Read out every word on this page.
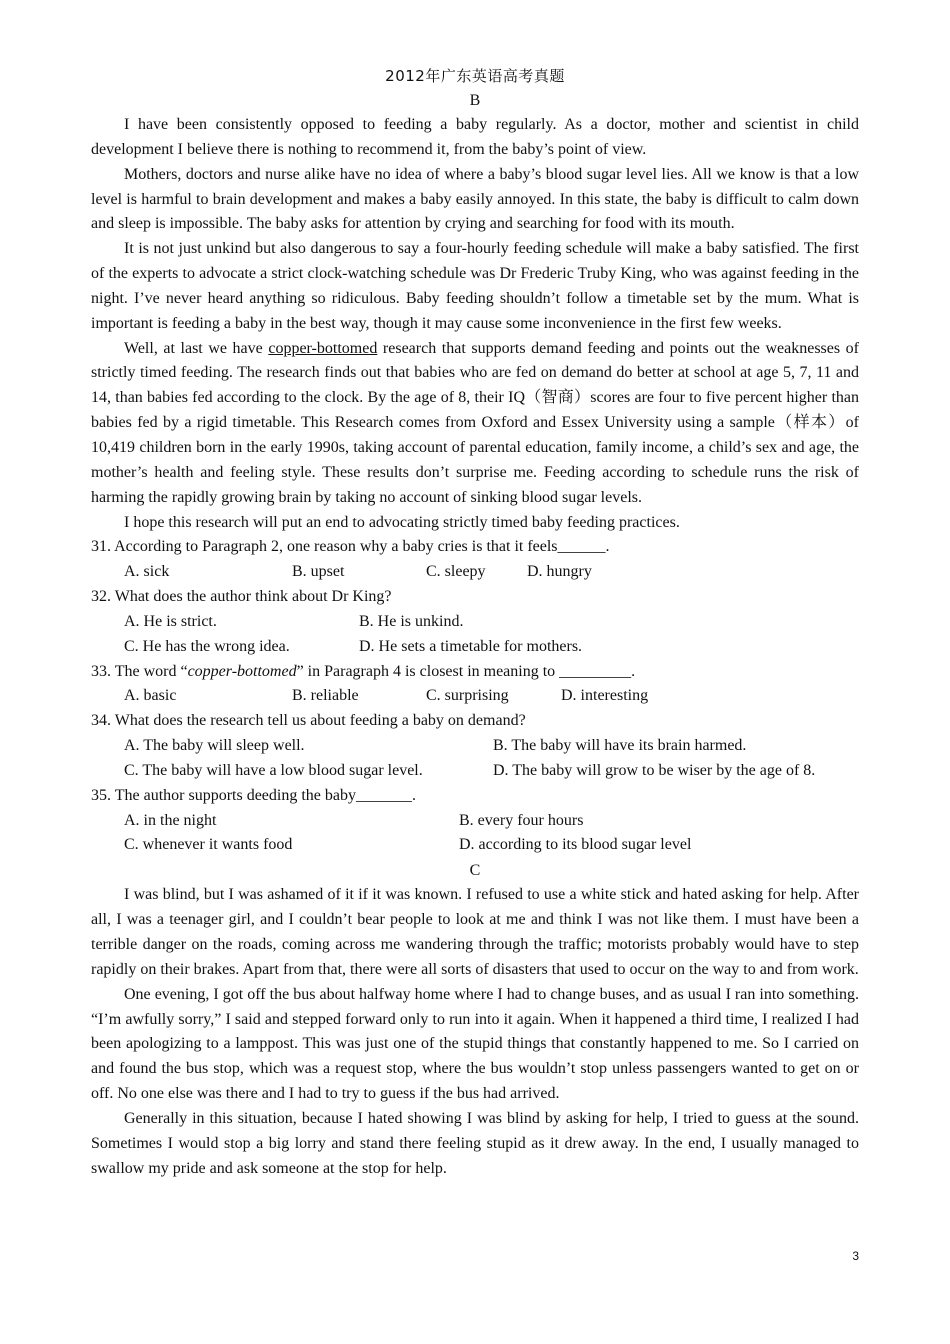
2012年广东英语高考真题
B

I have been consistently opposed to feeding a baby regularly. As a doctor, mother and scientist in child development I believe there is nothing to recommend it, from the baby’s point of view.

Mothers, doctors and nurse alike have no idea of where a baby’s blood sugar level lies. All we know is that a low level is harmful to brain development and makes a baby easily annoyed. In this state, the baby is difficult to calm down and sleep is impossible. The baby asks for attention by crying and searching for food with its mouth.

It is not just unkind but also dangerous to say a four-hourly feeding schedule will make a baby satisfied. The first of the experts to advocate a strict clock-watching schedule was Dr Frederic Truby King, who was against feeding in the night. I’ve never heard anything so ridiculous. Baby feeding shouldn’t follow a timetable set by the mum. What is important is feeding a baby in the best way, though it may cause some inconvenience in the first few weeks.

Well, at last we have copper-bottomed research that supports demand feeding and points out the weaknesses of strictly timed feeding. The research finds out that babies who are fed on demand do better at school at age 5, 7, 11 and 14, than babies fed according to the clock. By the age of 8, their IQ（智商）scores are four to five percent higher than babies fed by a rigid timetable. This Research comes from Oxford and Essex University using a sample（样本）of 10,419 children born in the early 1990s, taking account of parental education, family income, a child’s sex and age, the mother’s health and feeling style. These results don’t surprise me. Feeding according to schedule runs the risk of harming the rapidly growing brain by taking no account of sinking blood sugar levels.

I hope this research will put an end to advocating strictly timed baby feeding practices.

31. According to Paragraph 2, one reason why a baby cries is that it feels______.
A. sick	B. upset	C. sleepy	D. hungry
32. What does the author think about Dr King?
A. He is strict.	B. He is unkind.
C. He has the wrong idea.	D. He sets a timetable for mothers.
33. The word “copper-bottomed” in Paragraph 4 is closest in meaning to _________.
A. basic	B. reliable	C. surprising	D. interesting
34. What does the research tell us about feeding a baby on demand?
A. The baby will sleep well.	B. The baby will have its brain harmed.
C. The baby will have a low blood sugar level.	D. The baby will grow to be wiser by the age of 8.
35. The author supports deeding the baby_______.
A. in the night	B. every four hours
C. whenever it wants food	D. according to its blood sugar level
C

I was blind, but I was ashamed of it if it was known. I refused to use a white stick and hated asking for help. After all, I was a teenager girl, and I couldn’t bear people to look at me and think I was not like them. I must have been a terrible danger on the roads, coming across me wandering through the traffic; motorists probably would have to step rapidly on their brakes. Apart from that, there were all sorts of disasters that used to occur on the way to and from work.

One evening, I got off the bus about halfway home where I had to change buses, and as usual I ran into something. “I’m awfully sorry,” I said and stepped forward only to run into it again. When it happened a third time, I realized I had been apologizing to a lamppost. This was just one of the stupid things that constantly happened to me. So I carried on and found the bus stop, which was a request stop, where the bus wouldn’t stop unless passengers wanted to get on or off. No one else was there and I had to try to guess if the bus had arrived.

Generally in this situation, because I hated showing I was blind by asking for help, I tried to guess at the sound. Sometimes I would stop a big lorry and stand there feeling stupid as it drew away. In the end, I usually managed to swallow my pride and ask someone at the stop for help.

3
